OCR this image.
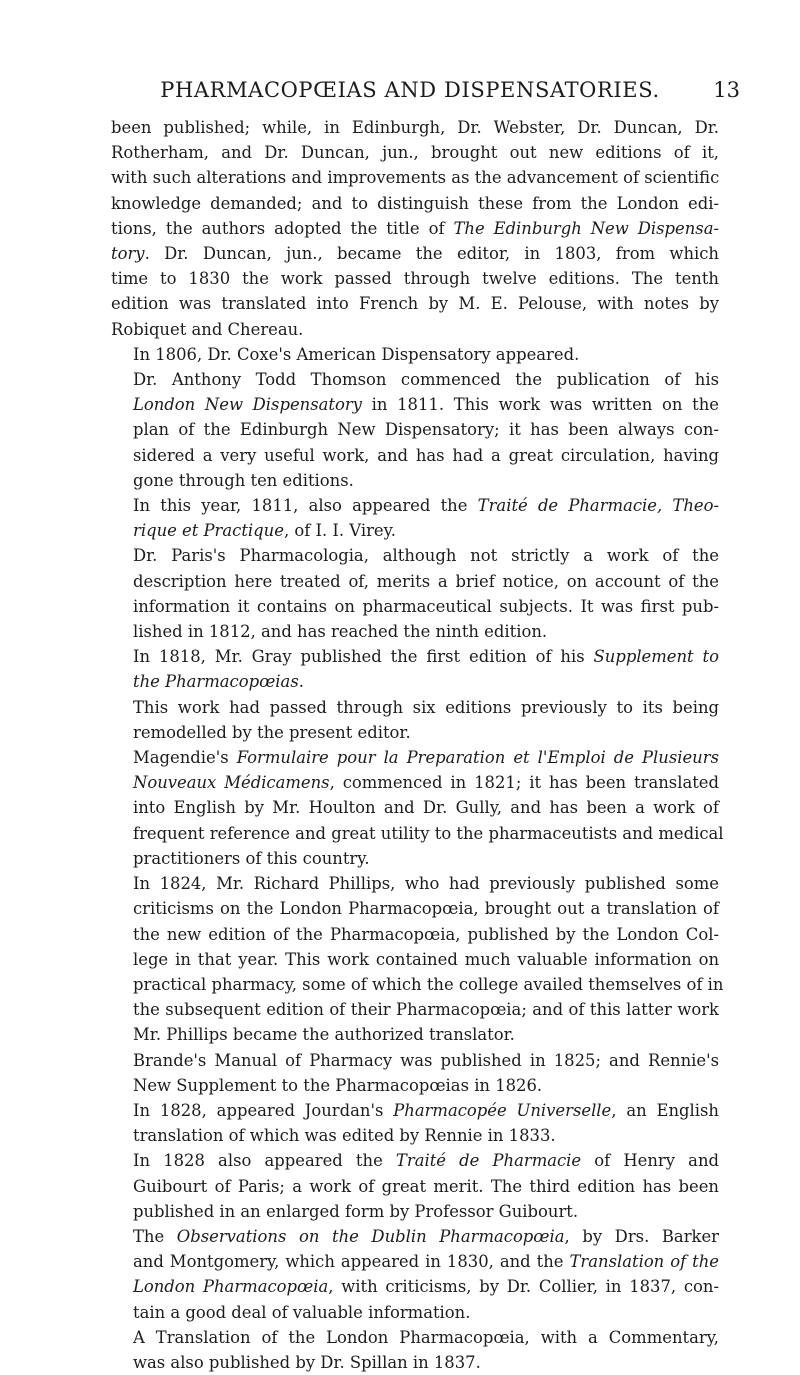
PHARMACOPŒIAS AND DISPENSATORIES.	13

been published; while, in Edinburgh, Dr. Webster, Dr. Duncan, Dr.
Rotherham, and Dr. Duncan, jun., brought out new editions of it,
with such alterations and improvements as the advancement of scientific
knowledge demanded; and to distinguish these from the London edi-
tions, the authors adopted the title of The Edinburgh New Dispensa-
tory. Dr. Duncan, jun., became the editor, in 1803, from which
time to 1830 the work passed through twelve editions. The tenth
edition was translated into French by M. E. Pelouse, with notes by
Robiquet and Chereau.

In 1806, Dr. Coxe's American Dispensatory appeared.

Dr. Anthony Todd Thomson commenced the publication of his
London New Dispensatory in 1811. This work was written on the
plan of the Edinburgh New Dispensatory; it has been always con-
sidered a very useful work, and has had a great circulation, having
gone through ten editions.

In this year, 1811, also appeared the Traité de Pharmacie, Theo-
rique et Practique, of I. I. Virey.

Dr. Paris's Pharmacologia, although not strictly a work of the
description here treated of, merits a brief notice, on account of the
information it contains on pharmaceutical subjects. It was first pub-
lished in 1812, and has reached the ninth edition.

In 1818, Mr. Gray published the first edition of his Supplement to
the Pharmacopœias.

This work had passed through six editions previously to its being
remodelled by the present editor.

Magendie's Formulaire pour la Preparation et l'Emploi de Plusieurs
Nouveaux Médicamens, commenced in 1821; it has been translated
into English by Mr. Houlton and Dr. Gully, and has been a work of
frequent reference and great utility to the pharmaceutists and medical
practitioners of this country.

In 1824, Mr. Richard Phillips, who had previously published some
criticisms on the London Pharmacopœia, brought out a translation of
the new edition of the Pharmacopœia, published by the London Col-
lege in that year. This work contained much valuable information on
practical pharmacy, some of which the college availed themselves of in
the subsequent edition of their Pharmacopœia; and of this latter work
Mr. Phillips became the authorized translator.

Brande's Manual of Pharmacy was published in 1825; and Rennie's
New Supplement to the Pharmacopœias in 1826.

In 1828, appeared Jourdan's Pharmacopée Universelle, an English
translation of which was edited by Rennie in 1833.

In 1828 also appeared the Traité de Pharmacie of Henry and
Guibourt of Paris; a work of great merit. The third edition has been
published in an enlarged form by Professor Guibourt.

The Observations on the Dublin Pharmacopœia, by Drs. Barker
and Montgomery, which appeared in 1830, and the Translation of the
London Pharmacopœia, with criticisms, by Dr. Collier, in 1837, con-
tain a good deal of valuable information.

A Translation of the London Pharmacopœia, with a Commentary,
was also published by Dr. Spillan in 1837.
